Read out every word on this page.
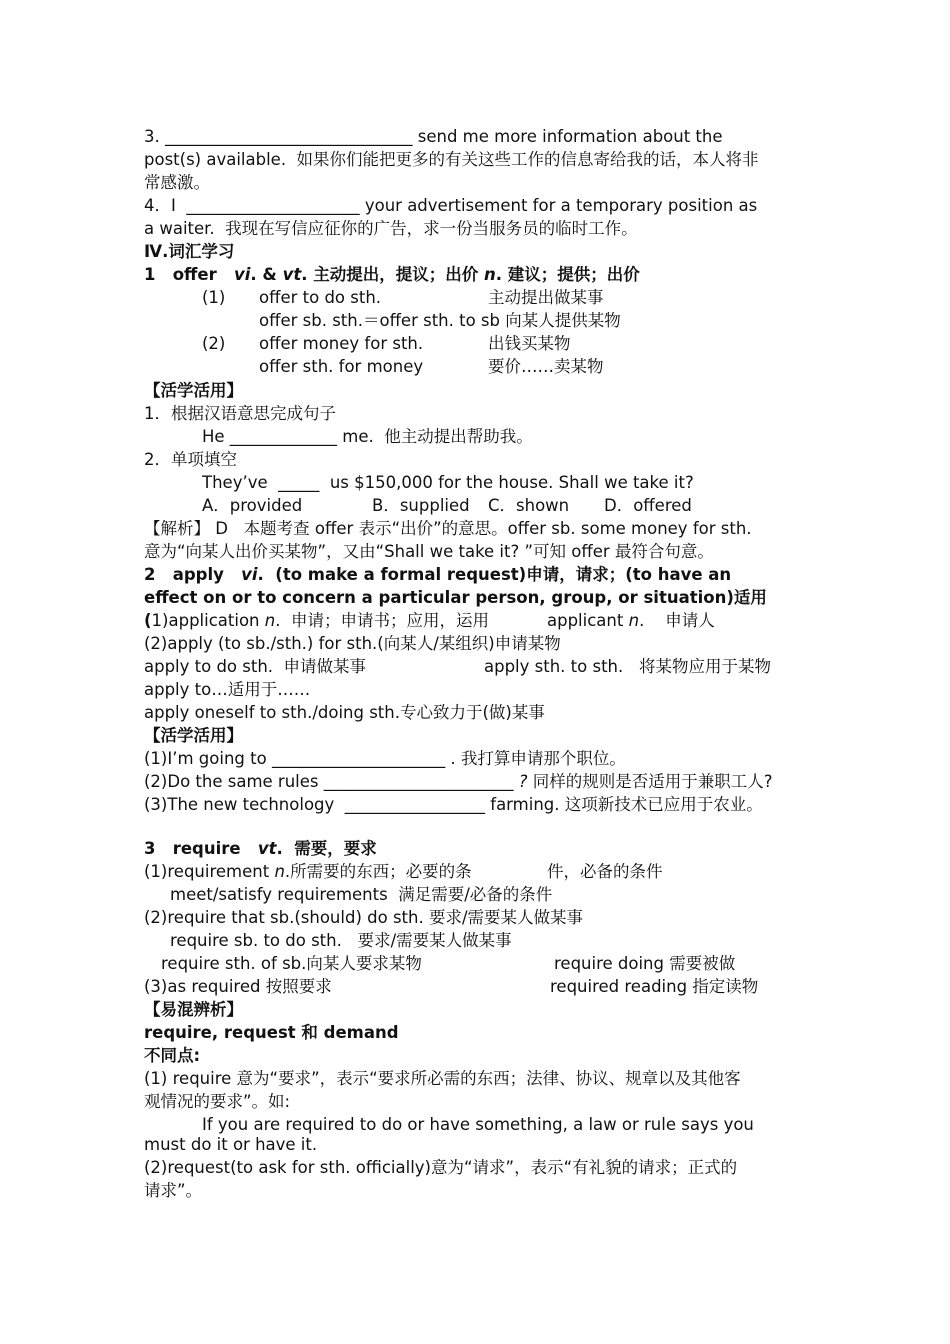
3. ______________________________ send me more information about the
post(s) available.  如果你们能把更多的有关这些工作的信息寄给我的话，本人将非
常感激。
4．I  _____________________ your advertisement for a temporary position as
a waiter.  我现在写信应征你的广告，求一份当服务员的临时工作。
Ⅳ.词汇学习
1 offer vi. & vt. 主动提出，提议；出价 n. 建议；提供；出价
(1) offer to do sth.	主动提出做某事
offer sb. sth.＝offer sth. to sb 向某人提供某物
(2) offer money for sth.	出钱买某物
offer sth. for money	要价……卖某物
【活学活用】
1．根据汉语意思完成句子
He _____________ me.  他主动提出帮助我。
2．单项填空
They’ve  _____  us $150,000 for the house. Shall we take it?
A．provided	B．supplied C．shown D．offered
【解析】 D   本题考查 offer 表示“出价”的意思。offer sb. some money for sth.
意为“向某人出价买某物”，又由“Shall we take it? ”可知 offer 最符合句意。
2 apply vi.  (to make a formal request)申请，请求；(to have an
effect on or to concern a particular person, group, or situation)适用
(1)application n.  申请；申请书；应用，运用	applicant n.    申请人
(2)apply (to sb./sth.) for sth.(向某人/某组织)申请某物
apply to do sth.  申请做某事	apply sth. to sth.   将某物应用于某物
apply to…适用于……
apply oneself to sth./doing sth.专心致力于(做)某事
【活学活用】
(1)I’m going to _____________________ . 我打算申请那个职位。
(2)Do the same rules _______________________ ? 同样的规则是否适用于兼职工人?
(3)The new technology  _________________ farming. 这项新技术已应用于农业。
3 require vt.  需要，要求
(1)requirement n.所需要的东西；必要的条	件，必备的条件
meet/satisfy requirements  满足需要/必备的条件
(2)require that sb.(should) do sth. 要求/需要某人做某事
require sb. to do sth.   要求/需要某人做某事
require sth. of sb.向某人要求某物	require doing 需要被做
(3)as required 按照要求	required reading 指定读物
【易混辨析】
require, request 和 demand
不同点:
(1) require 意为“要求”，表示“要求所必需的东西；法律、协议、规章以及其他客
观情况的要求”。如:
If you are required to do or have something, a law or rule says you
must do it or have it.
(2)request(to ask for sth. officially)意为“请求”，表示“有礼貌的请求；正式的
请求”。
